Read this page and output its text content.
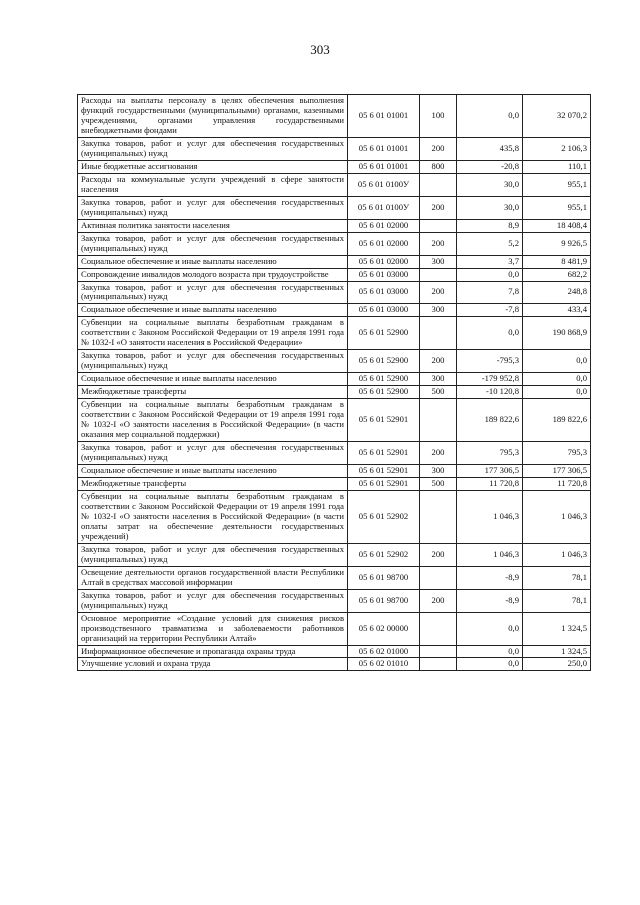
303
Расходы на выплаты персоналу в целях обеспечения выполнения функций государственными (муниципальными) органами, казенными учреждениями, органами управления государственными внебюджетными фондами	05 6 01 01001	100	0,0	32 070,2
Закупка товаров, работ и услуг для обеспечения государственных (муниципальных) нужд	05 6 01 01001	200	435,8	2 106,3
Иные бюджетные ассигнования	05 6 01 01001	800	-20,8	110,1
Расходы на коммунальные услуги учреждений в сфере занятости населения	05 6 01 0100У		30,0	955,1
Закупка товаров, работ и услуг для обеспечения государственных (муниципальных) нужд	05 6 01 0100У	200	30,0	955,1
Активная политика занятости населения	05 6 01 02000		8,9	18 408,4
Закупка товаров, работ и услуг для обеспечения государственных (муниципальных) нужд	05 6 01 02000	200	5,2	9 926,5
Социальное обеспечение и иные выплаты населению	05 6 01 02000	300	3,7	8 481,9
Сопровождение инвалидов молодого возраста при трудоустройстве	05 6 01 03000		0,0	682,2
Закупка товаров, работ и услуг для обеспечения государственных (муниципальных) нужд	05 6 01 03000	200	7,8	248,8
Социальное обеспечение и иные выплаты населению	05 6 01 03000	300	-7,8	433,4
Субвенции на социальные выплаты безработным гражданам в соответствии с Законом Российской Федерации от 19 апреля 1991 года № 1032-I «О занятости населения в Российской Федерации»	05 6 01 52900		0,0	190 868,9
Закупка товаров, работ и услуг для обеспечения государственных (муниципальных) нужд	05 6 01 52900	200	-795,3	0,0
Социальное обеспечение и иные выплаты населению	05 6 01 52900	300	-179 952,8	0,0
Межбюджетные трансферты	05 6 01 52900	500	-10 120,8	0,0
Субвенции на социальные выплаты безработным гражданам в соответствии с Законом Российской Федерации от 19 апреля 1991 года № 1032-I «О занятости населения в Российской Федерации» (в части оказания мер социальной поддержки)	05 6 01 52901		189 822,6	189 822,6
Закупка товаров, работ и услуг для обеспечения государственных (муниципальных) нужд	05 6 01 52901	200	795,3	795,3
Социальное обеспечение и иные выплаты населению	05 6 01 52901	300	177 306,5	177 306,5
Межбюджетные трансферты	05 6 01 52901	500	11 720,8	11 720,8
Субвенции на социальные выплаты безработным гражданам в соответствии с Законом Российской Федерации от 19 апреля 1991 года № 1032-I «О занятости населения в Российской Федерации» (в части оплаты затрат на обеспечение деятельности государственных учреждений)	05 6 01 52902		1 046,3	1 046,3
Закупка товаров, работ и услуг для обеспечения государственных (муниципальных) нужд	05 6 01 52902	200	1 046,3	1 046,3
Освещение деятельности органов государственной власти Республики Алтай в средствах массовой информации	05 6 01 98700		-8,9	78,1
Закупка товаров, работ и услуг для обеспечения государственных (муниципальных) нужд	05 6 01 98700	200	-8,9	78,1
Основное мероприятие «Создание условий для снижения рисков производственного травматизма и заболеваемости работников организаций на территории Республики Алтай»	05 6 02 00000		0,0	1 324,5
Информационное обеспечение и пропаганда охраны труда	05 6 02 01000		0,0	1 324,5
Улучшение условий и охрана труда	05 6 02 01010		0,0	250,0
